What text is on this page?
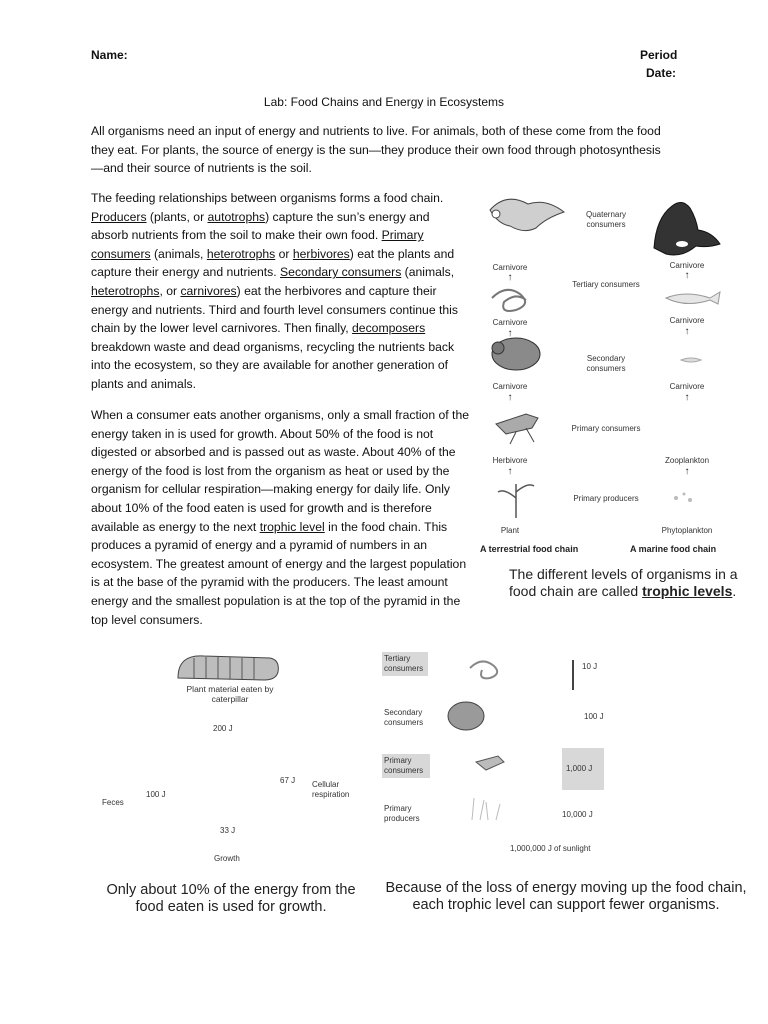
Name:	Period
Date:
Lab: Food Chains and Energy in Ecosystems
All organisms need an input of energy and nutrients to live. For animals, both of these come from the food they eat. For plants, the source of energy is the sun—they produce their own food through photosynthesis—and their source of nutrients is the soil.
The feeding relationships between organisms forms a food chain. Producers (plants, or autotrophs) capture the sun’s energy and absorb nutrients from the soil to make their own food. Primary consumers (animals, heterotrophs or herbivores) eat the plants and capture their energy and nutrients. Secondary consumers (animals, heterotrophs, or carnivores) eat the herbivores and capture their energy and nutrients. Third and fourth level consumers continue this chain by the lower level carnivores. Then finally, decomposers breakdown waste and dead organisms, recycling the nutrients back into the ecosystem, so they are available for another generation of plants and animals.
When a consumer eats another organisms, only a small fraction of the energy taken in is used for growth. About 50% of the food is not digested or absorbed and is passed out as waste. About 40% of the energy of the food is lost from the organism as heat or used by the organism for cellular respiration—making energy for daily life. Only about 10% of the food eaten is used for growth and is therefore available as energy to the next trophic level in the food chain. This produces a pyramid of energy and a pyramid of numbers in an ecosystem. The greatest amount of energy and the largest population is at the base of the pyramid with the producers. The least amount energy and the smallest population is at the top of the pyramid in the top level consumers.
Quaternary consumers
Tertiary consumers
Secondary consumers
Primary consumers
Primary producers
Carnivore
↑
Carnivore
↑
Carnivore
↑
Herbivore
↑
Plant
Carnivore
↑
Carnivore
↑
Carnivore
↑
Zooplankton
↑
Phytoplankton
A terrestrial food chain	A marine food chain
The different levels of organisms in a food chain are called trophic levels.
Plant material eaten by caterpillar
200 J
67 J Cellular respiration
100 J
Feces
33 J
Growth
Only about 10% of the energy from the food eaten is used for growth.
Tertiary consumers
Secondary consumers
Primary consumers
Primary producers
10 J
100 J
1,000 J
10,000 J
1,000,000 J of sunlight
Because of the loss of energy moving up the food chain, each trophic level can support fewer organisms.
